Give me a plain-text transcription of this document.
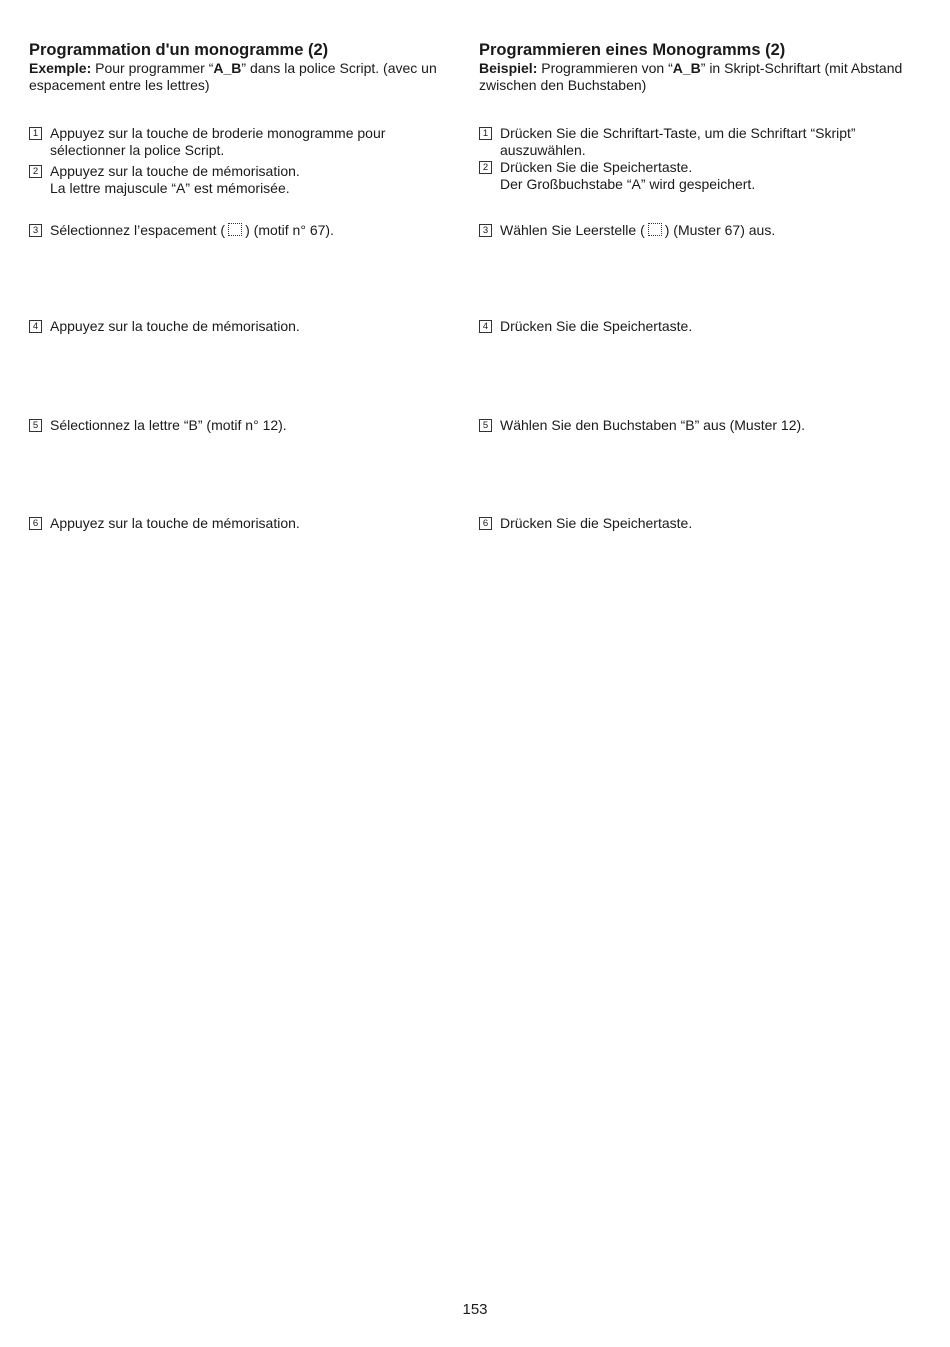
Programmation d'un monogramme (2)

Exemple: Pour programmer “A_B” dans la police Script. (avec un espacement entre les lettres)

1 Appuyez sur la touche de broderie monogramme pour
sélectionner la police Script.
2 Appuyez sur la touche de mémorisation.
La lettre majuscule “A” est mémorisée.
3 Sélectionnez l’espacement ( ) (motif n° 67).
4 Appuyez sur la touche de mémorisation.
5 Sélectionnez la lettre “B” (motif n° 12).
6 Appuyez sur la touche de mémorisation.
Programmieren eines Monogramms (2)

Beispiel: Programmieren von “A_B” in Skript-Schriftart (mit Abstand zwischen den Buchstaben)

1 Drücken Sie die Schriftart-Taste, um die Schriftart “Skript”
auszuwählen.
2 Drücken Sie die Speichertaste.
Der Großbuchstabe “A” wird gespeichert.
3 Wählen Sie Leerstelle ( ) (Muster 67) aus.
4 Drücken Sie die Speichertaste.
5 Wählen Sie den Buchstaben “B” aus (Muster 12).
6 Drücken Sie die Speichertaste.
153
